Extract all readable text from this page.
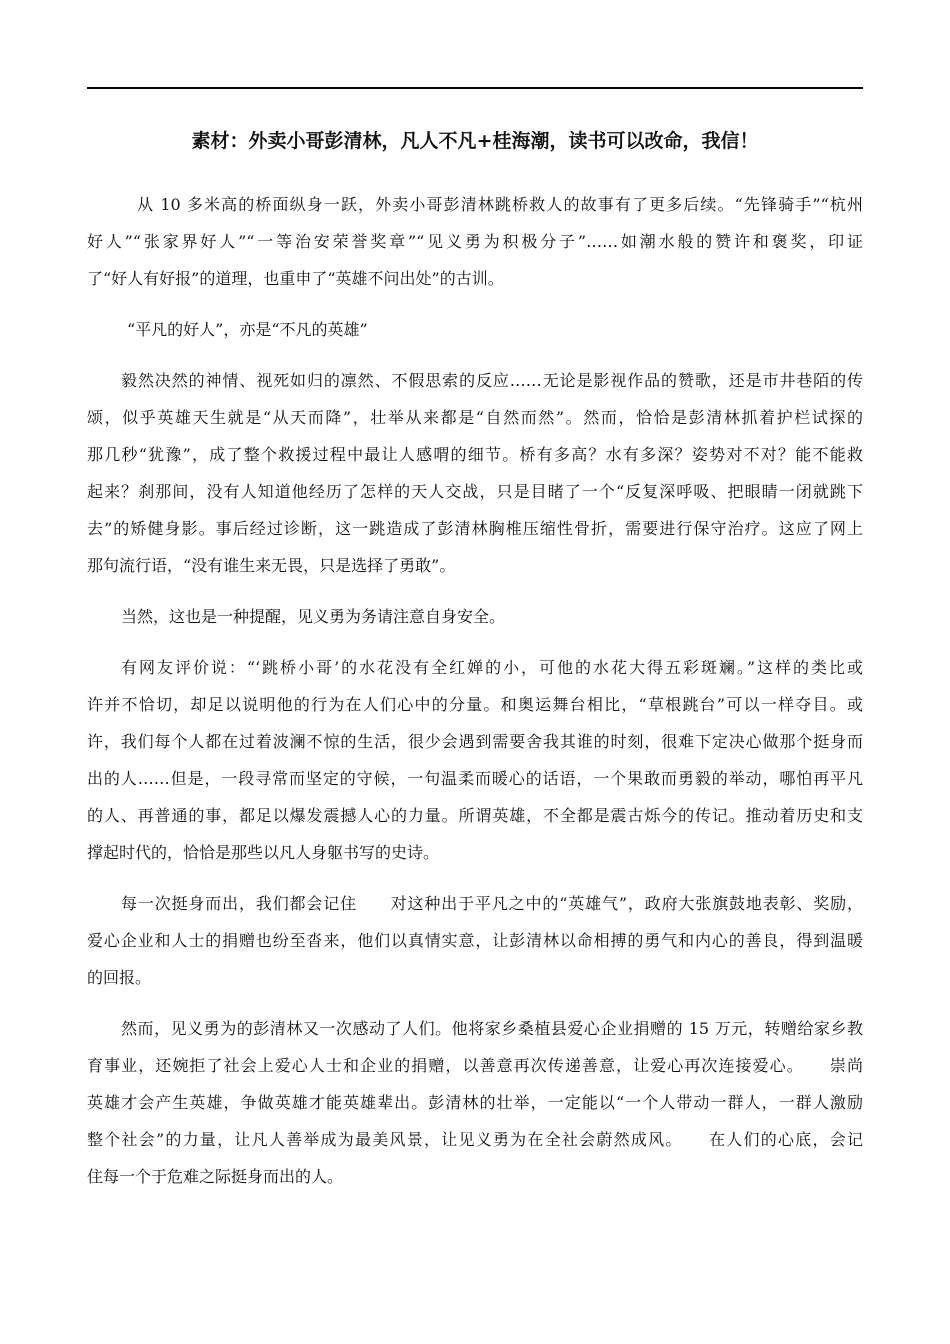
素材：外卖小哥彭清林，凡人不凡+桂海潮，读书可以改命，我信！
从 10 多米高的桥面纵身一跃，外卖小哥彭清林跳桥救人的故事有了更多后续。“先锋骑手”“杭州
好人”“张家界好人”“一等治安荣誉奖章”“见义勇为积极分子”……如潮水般的赞许和褒奖，印证
了“好人有好报”的道理，也重申了“英雄不问出处”的古训。
“平凡的好人”，亦是“不凡的英雄”
毅然决然的神情、视死如归的凛然、不假思索的反应……无论是影视作品的赞歌，还是市井巷陌的传
颂，似乎英雄天生就是“从天而降”，壮举从来都是“自然而然”。然而，恰恰是彭清林抓着护栏试探的
那几秒“犹豫”，成了整个救援过程中最让人感喟的细节。桥有多高？水有多深？姿势对不对？能不能救
起来？刹那间，没有人知道他经历了怎样的天人交战，只是目睹了一个“反复深呼吸、把眼睛一闭就跳下
去”的矫健身影。事后经过诊断，这一跳造成了彭清林胸椎压缩性骨折，需要进行保守治疗。这应了网上
那句流行语，“没有谁生来无畏，只是选择了勇敢”。
当然，这也是一种提醒，见义勇为务请注意自身安全。
有网友评价说：“‘跳桥小哥’的水花没有全红婵的小，可他的水花大得五彩斑斓。”这样的类比或
许并不恰切，却足以说明他的行为在人们心中的分量。和奥运舞台相比，“草根跳台”可以一样夺目。或
许，我们每个人都在过着波澜不惊的生活，很少会遇到需要舍我其谁的时刻，很难下定决心做那个挺身而
出的人……但是，一段寻常而坚定的守候，一句温柔而暖心的话语，一个果敢而勇毅的举动，哪怕再平凡
的人、再普通的事，都足以爆发震撼人心的力量。所谓英雄，不全都是震古烁今的传记。推动着历史和支
撑起时代的，恰恰是那些以凡人身躯书写的史诗。
每一次挺身而出，我们都会记住　　对这种出于平凡之中的“英雄气”，政府大张旗鼓地表彰、奖励，
爱心企业和人士的捐赠也纷至沓来，他们以真情实意，让彭清林以命相搏的勇气和内心的善良，得到温暖
的回报。
然而，见义勇为的彭清林又一次感动了人们。他将家乡桑植县爱心企业捐赠的 15 万元，转赠给家乡教
育事业，还婉拒了社会上爱心人士和企业的捐赠，以善意再次传递善意，让爱心再次连接爱心。　　崇尚
英雄才会产生英雄，争做英雄才能英雄辈出。彭清林的壮举，一定能以“一个人带动一群人，一群人激励
整个社会”的力量，让凡人善举成为最美风景，让见义勇为在全社会蔚然成风。　　在人们的心底，会记
住每一个于危难之际挺身而出的人。
